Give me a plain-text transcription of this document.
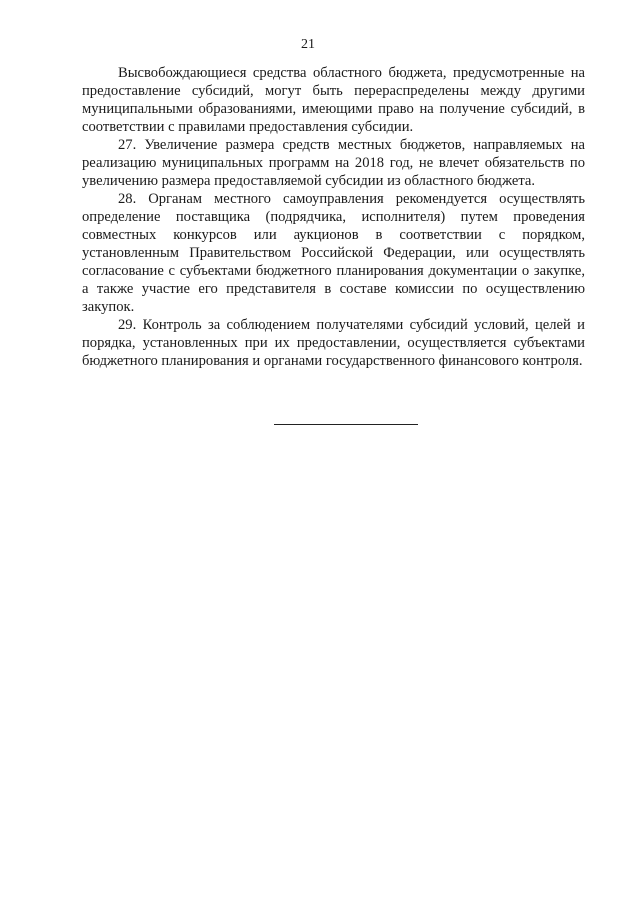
21

Высвобождающиеся средства областного бюджета, предусмотренные на предоставление субсидий, могут быть перераспределены между другими муниципальными образованиями, имеющими право на получение субсидий, в соответствии с правилами предоставления субсидии.

27. Увеличение размера средств местных бюджетов, направляемых на реализацию муниципальных программ на 2018 год, не влечет обязательств по увеличению размера предоставляемой субсидии из областного бюджета.

28. Органам местного самоуправления рекомендуется осуществлять определение поставщика (подрядчика, исполнителя) путем проведения совместных конкурсов или аукционов в соответствии с порядком, установленным Правительством Российской Федерации, или осуществлять согласование с субъектами бюджетного планирования документации о закупке, а также участие его представителя в составе комиссии по осуществлению закупок.

29. Контроль за соблюдением получателями субсидий условий, целей и порядка, установленных при их предоставлении, осуществляется субъектами бюджетного планирования и органами государственного финансового контроля.
